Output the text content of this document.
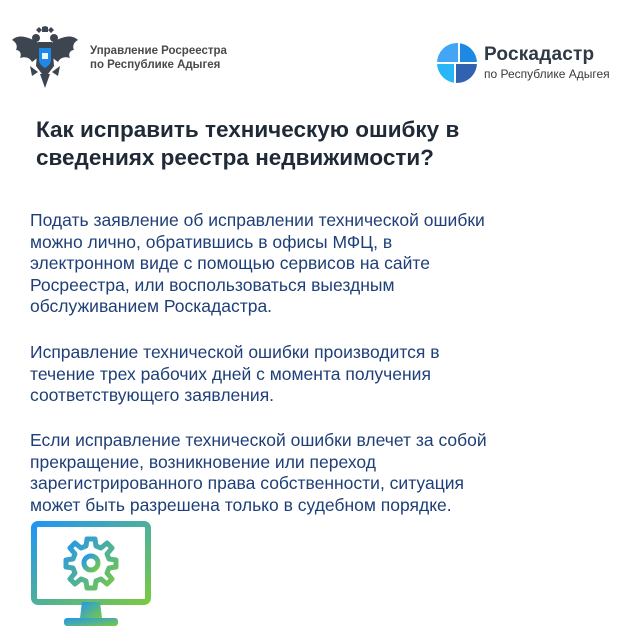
Управление Росреестра
по Республике Адыгея	Роскадастр
по Республике Адыгея
Как исправить техническую ошибку в
сведениях реестра недвижимости?
Подать заявление об исправлении технической ошибки
можно лично, обратившись в офисы МФЦ, в
электронном виде с помощью сервисов на сайте
Росреестра, или воспользоваться выездным
обслуживанием Роскадастра.
Исправление технической ошибки производится в
течение трех рабочих дней с момента получения
соответствующего заявления.
Если исправление технической ошибки влечет за собой
прекращение, возникновение или переход
зарегистрированного права собственности, ситуация
может быть разрешена только в судебном порядке.
